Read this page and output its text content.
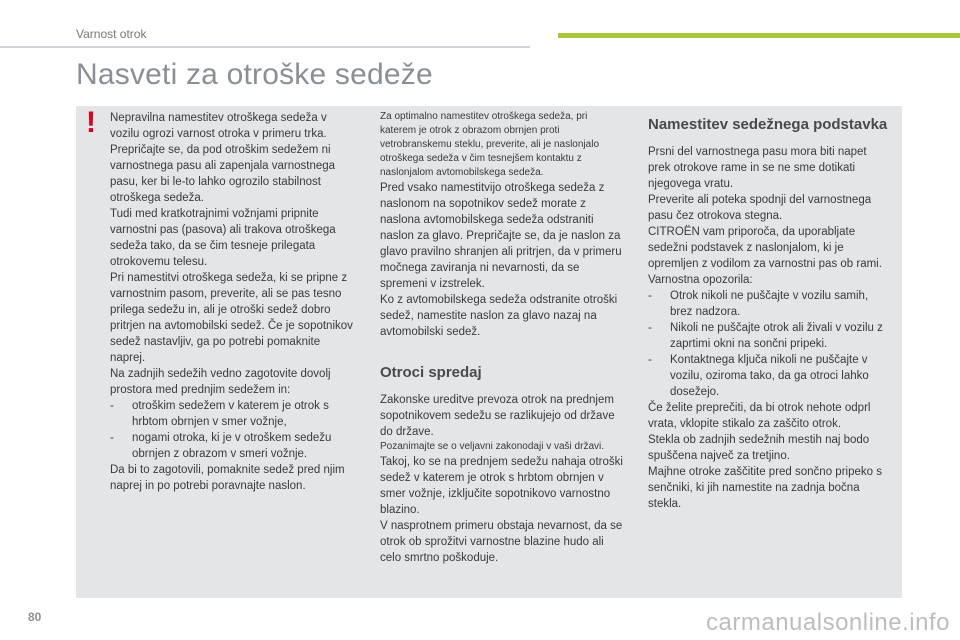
Varnost otrok
Nasveti za otroške sedeže
! Nepravilna namestitev otroškega sedeža v vozilu ogrozi varnost otroka v primeru trka.

Prepričajte se, da pod otroškim sedežem ni varnostnega pasu ali zapenjala varnostnega pasu, ker bi le-to lahko ogrozilo stabilnost otroškega sedeža.

Tudi med kratkotrajnimi vožnjami pripnite varnostni pas (pasova) ali trakova otroškega sedeža tako, da se čim tesneje prilegata otrokovemu telesu.

Pri namestitvi otroškega sedeža, ki se pripne z varnostnim pasom, preverite, ali se pas tesno prilega sedežu in, ali je otroški sedež dobro pritrjen na avtomobilski sedež. Če je sopotnikov sedež nastavljiv, ga po potrebi pomaknite naprej.

Na zadnjih sedežih vedno zagotovite dovolj prostora med prednjim sedežem in:

- otroškim sedežem v katerem je otrok s hrbtom obrnjen v smer vožnje,

- nogami otroka, ki je v otroškem sedežu obrnjen z obrazom v smeri vožnje.

Da bi to zagotovili, pomaknite sedež pred njim naprej in po potrebi poravnajte naslon.

Za optimalno namestitev otroškega sedeža, pri katerem je otrok z obrazom obrnjen proti vetrobranskemu steklu, preverite, ali je naslonjalo otroškega sedeža v čim tesnejšem kontaktu z naslonjalom avtomobilskega sedeža.

Pred vsako namestitvijo otroškega sedeža z naslonom na sopotnikov sedež morate z naslona avtomobilskega sedeža odstraniti naslon za glavo. Prepričajte se, da je naslon za glavo pravilno shranjen ali pritrjen, da v primeru močnega zaviranja ni nevarnosti, da se spremeni v izstrelek.

Ko z avtomobilskega sedeža odstranite otroški sedež, namestite naslon za glavo nazaj na avtomobilski sedež.

Otroci spredaj

Zakonske ureditve prevoza otrok na prednjem sopotnikovem sedežu se razlikujejo od države do države.

Pozanimajte se o veljavni zakonodaji v vaši državi.

Takoj, ko se na prednjem sedežu nahaja otroški sedež v katerem je otrok s hrbtom obrnjen v smer vožnje, izključite sopotnikovo varnostno blazino.

V nasprotnem primeru obstaja nevarnost, da se otrok ob sprožitvi varnostne blazine hudo ali celo smrtno poškoduje.

Namestitev sedežnega podstavka

Prsni del varnostnega pasu mora biti napet prek otrokove rame in se ne sme dotikati njegovega vratu.

Preverite ali poteka spodnji del varnostnega pasu čez otrokova stegna.

CITROËN vam priporoča, da uporabljate sedežni podstavek z naslonjalom, ki je opremljen z vodilom za varnostni pas ob rami.

Varnostna opozorila:

- Otrok nikoli ne puščajte v vozilu samih, brez nadzora.

- Nikoli ne puščajte otrok ali živali v vozilu z zaprtimi okni na sončni pripeki.

- Kontaktnega ključa nikoli ne puščajte v vozilu, oziroma tako, da ga otroci lahko dosežejo.

Če želite preprečiti, da bi otrok nehote odprl vrata, vklopite stikalo za zaščito otrok.

Stekla ob zadnjih sedežnih mestih naj bodo spuščena največ za tretjino.

Majhne otroke zaščitite pred sončno pripeko s senčniki, ki jih namestite na zadnja bočna stekla.

80	carmanualsonline.info
